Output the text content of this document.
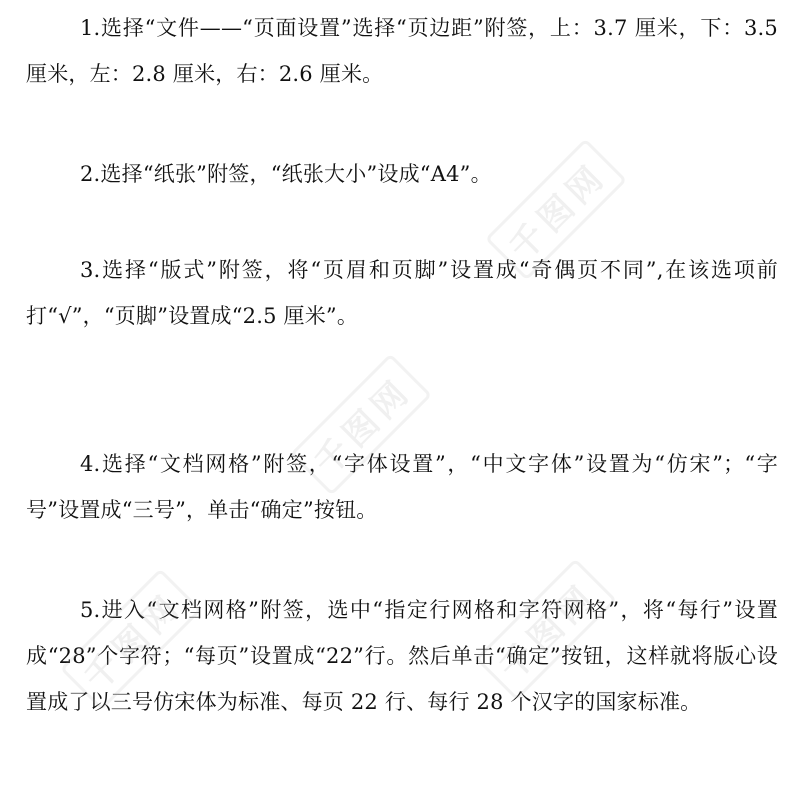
1.选择“文件——“页面设置”选择“页边距”附签，上：3.7 厘米，下：3.5 厘米，左：2.8 厘米，右：2.6 厘米。

2.选择“纸张”附签，“纸张大小”设成“A4”。

3.选择“版式”附签，将“页眉和页脚”设置成“奇偶页不同”,在该选项前打“√”，“页脚”设置成“2.5 厘米”。

4.选择“文档网格”附签，“字体设置”，“中文字体”设置为“仿宋”；“字号”设置成“三号”，单击“确定”按钮。

5.进入“文档网格”附签，选中“指定行网格和字符网格”，将“每行”设置成“28”个字符；“每页”设置成“22”行。然后单击“确定”按钮，这样就将版心设置成了以三号仿宋体为标准、每页 22 行、每行 28 个汉字的国家标准。

千图网
千图网
千图网
千图网
